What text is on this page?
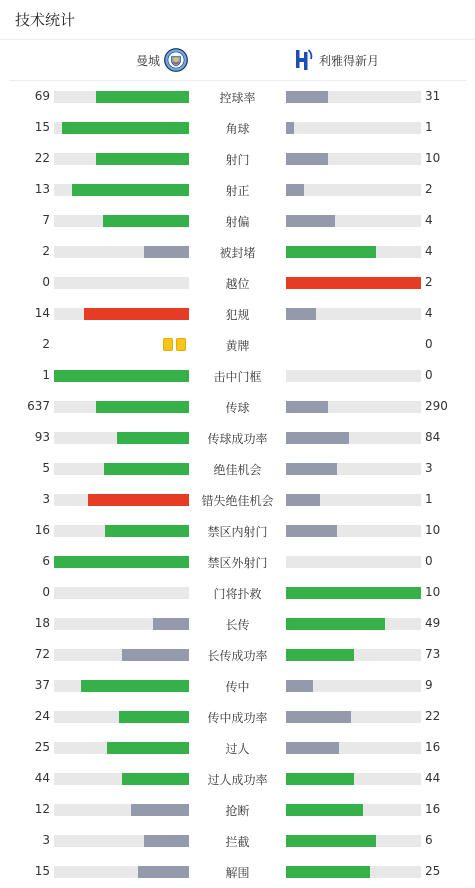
技术统计
曼城	利雅得新月
69	控球率	31
15	角球	1
22	射门	10
13	射正	2
7	射偏	4
2	被封堵	4
0	越位	2
14	犯规	4
2	黄牌	0
1	击中门框	0
637	传球	290
93	传球成功率	84
5	绝佳机会	3
3	错失绝佳机会	1
16	禁区内射门	10
6	禁区外射门	0
0	门将扑救	10
18	长传	49
72	长传成功率	73
37	传中	9
24	传中成功率	22
25	过人	16
44	过人成功率	44
12	抢断	16
3	拦截	6
15	解围	25
